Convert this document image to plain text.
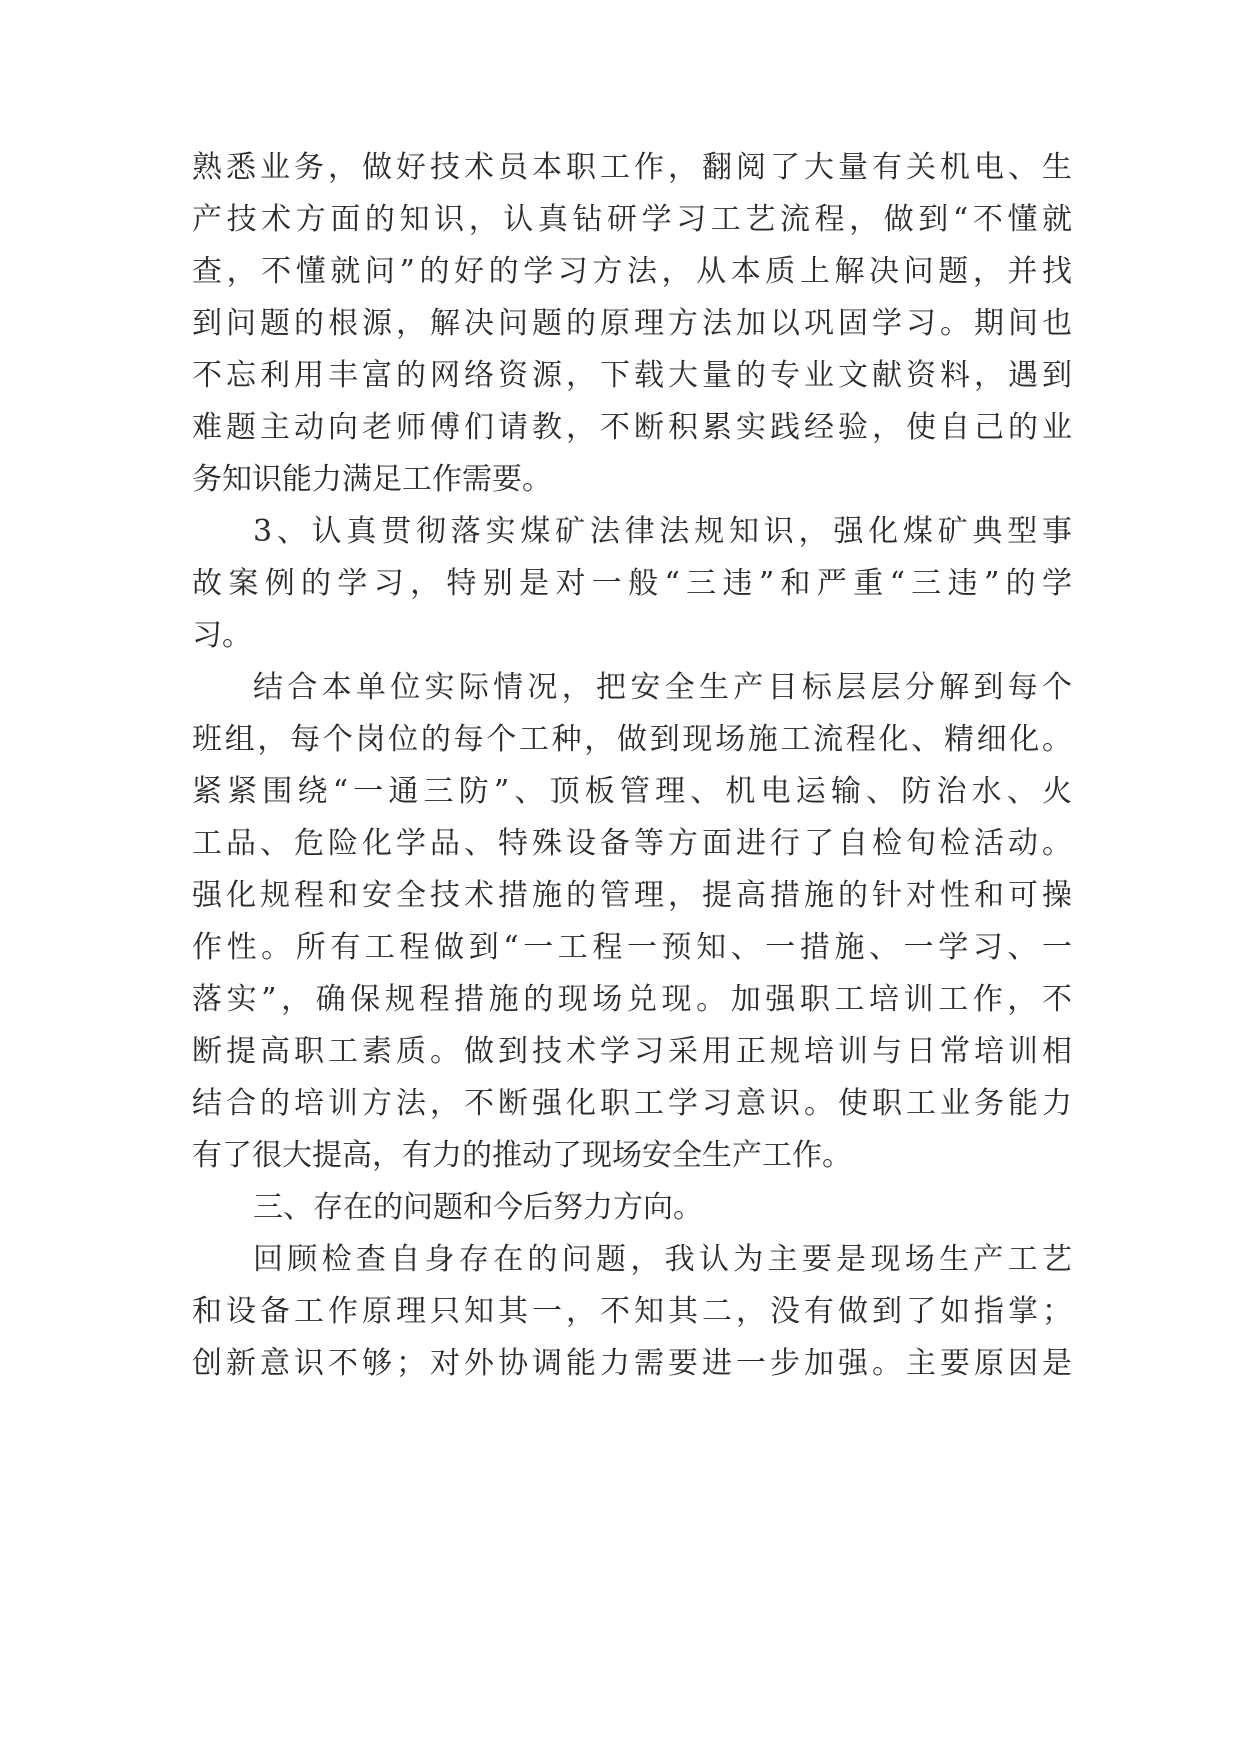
熟悉业务，做好技术员本职工作，翻阅了大量有关机电、生
产技术方面的知识，认真钻研学习工艺流程，做到“不懂就
查，不懂就问”的好的学习方法，从本质上解决问题，并找
到问题的根源，解决问题的原理方法加以巩固学习。期间也
不忘利用丰富的网络资源，下载大量的专业文献资料，遇到
难题主动向老师傅们请教，不断积累实践经验，使自己的业
务知识能力满足工作需要。
3、认真贯彻落实煤矿法律法规知识，强化煤矿典型事
故案例的学习，特别是对一般“三违”和严重“三违”的学
习。
结合本单位实际情况，把安全生产目标层层分解到每个
班组，每个岗位的每个工种，做到现场施工流程化、精细化。
紧紧围绕“一通三防”、顶板管理、机电运输、防治水、火
工品、危险化学品、特殊设备等方面进行了自检旬检活动。
强化规程和安全技术措施的管理，提高措施的针对性和可操
作性。所有工程做到“一工程一预知、一措施、一学习、一
落实”，确保规程措施的现场兑现。加强职工培训工作，不
断提高职工素质。做到技术学习采用正规培训与日常培训相
结合的培训方法，不断强化职工学习意识。使职工业务能力
有了很大提高，有力的推动了现场安全生产工作。
三、存在的问题和今后努力方向。
回顾检查自身存在的问题，我认为主要是现场生产工艺
和设备工作原理只知其一，不知其二，没有做到了如指掌；
创新意识不够；对外协调能力需要进一步加强。主要原因是
